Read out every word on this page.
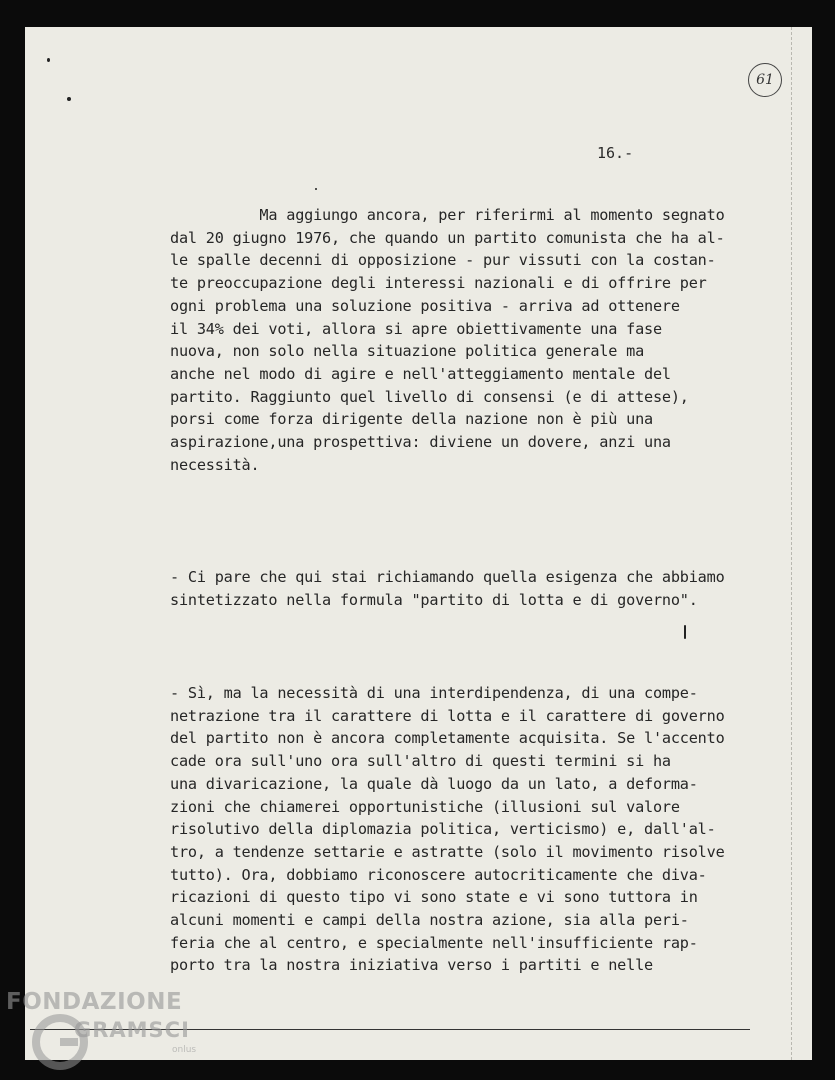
61
16.-
Ma aggiungo ancora, per riferirmi al momento segnato
dal 20 giugno 1976, che quando un partito comunista che ha al-
le spalle decenni di opposizione - pur vissuti con la costan-
te preoccupazione degli interessi nazionali e di offrire per
ogni problema una soluzione positiva - arriva ad ottenere
il 34% dei voti, allora si apre obiettivamente una fase
nuova, non solo nella situazione politica generale ma
anche nel modo di agire e nell'atteggiamento mentale del
partito. Raggiunto quel livello di consensi (e di attese),
porsi come forza dirigente della nazione non è più una
aspirazione,una prospettiva: diviene un dovere, anzi una
necessità.
- Ci pare che qui stai richiamando quella esigenza che abbiamo
sintetizzato nella formula "partito di lotta e di governo".
- Sì, ma la necessità di una interdipendenza, di una compe-
netrazione tra il carattere di lotta e il carattere di governo
del partito non è ancora completamente acquisita. Se l'accento
cade ora sull'uno ora sull'altro di questi termini si ha
una divaricazione, la quale dà luogo da un lato, a deforma-
zioni che chiamerei opportunistiche (illusioni sul valore
risolutivo della diplomazia politica, verticismo) e, dall'al-
tro, a tendenze settarie e astratte (solo il movimento risolve
tutto). Ora, dobbiamo riconoscere autocriticamente che diva-
ricazioni di questo tipo vi sono state e vi sono tuttora in
alcuni momenti e campi della nostra azione, sia alla peri-
feria che al centro, e specialmente nell'insufficiente rap-
porto tra la nostra iniziativa verso i partiti e nelle
FONDAZIONE
GRAMSCI
onlus
